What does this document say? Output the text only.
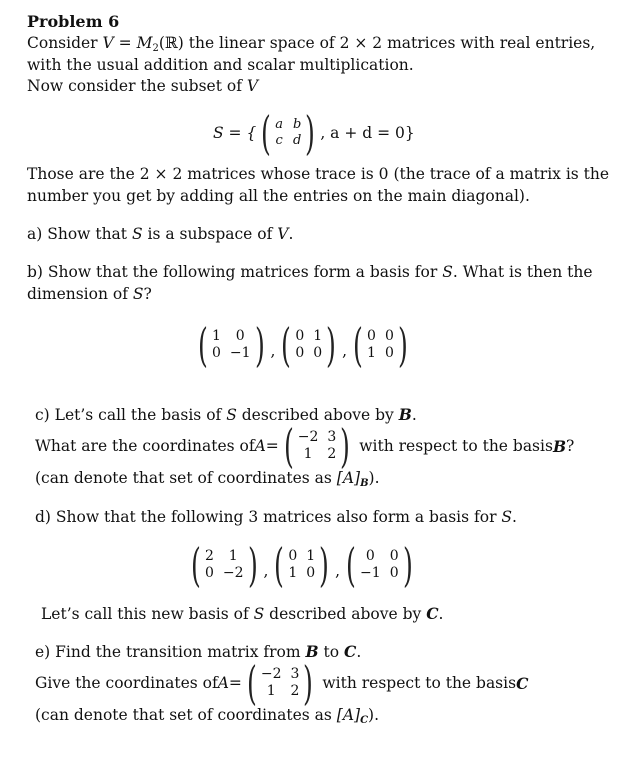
Problem 6
Consider $V = M_2(ℝ)$ the linear space of 2 × 2 matrices with real entries,
with the usual addition and scalar multiplication.
Now consider the subset of V
S = { ( a b
c d ) , a + d = 0}
Those are the 2 × 2 matrices whose trace is 0 (the trace of a matrix is the
number you get by adding all the entries on the main diagonal).
a) Show that S is a subspace of V.
b) Show that the following matrices form a basis for S. What is then the
dimension of S?
( 1	0
0 −1 ) , ( 0 1
0 0 ) , ( 0 0
1 0 )
c) Let’s call the basis of S described above by B.
What are the coordinates of A = ( −2 3
1	2 ) with respect to the basis B ?
(can denote that set of coordinates as $[A]_B$).
d) Show that the following 3 matrices also form a basis for S.
( 2	1
0 −2 ) , ( 0 1
1 0 ) , ( 0	0
−1 0 )
Let’s call this new basis of S described above by C.
e) Find the transition matrix from B to C.
Give the coordinates of A = ( −2 3
1	2 ) with respect to the basis C
(can denote that set of coordinates as $[A]_C$).
